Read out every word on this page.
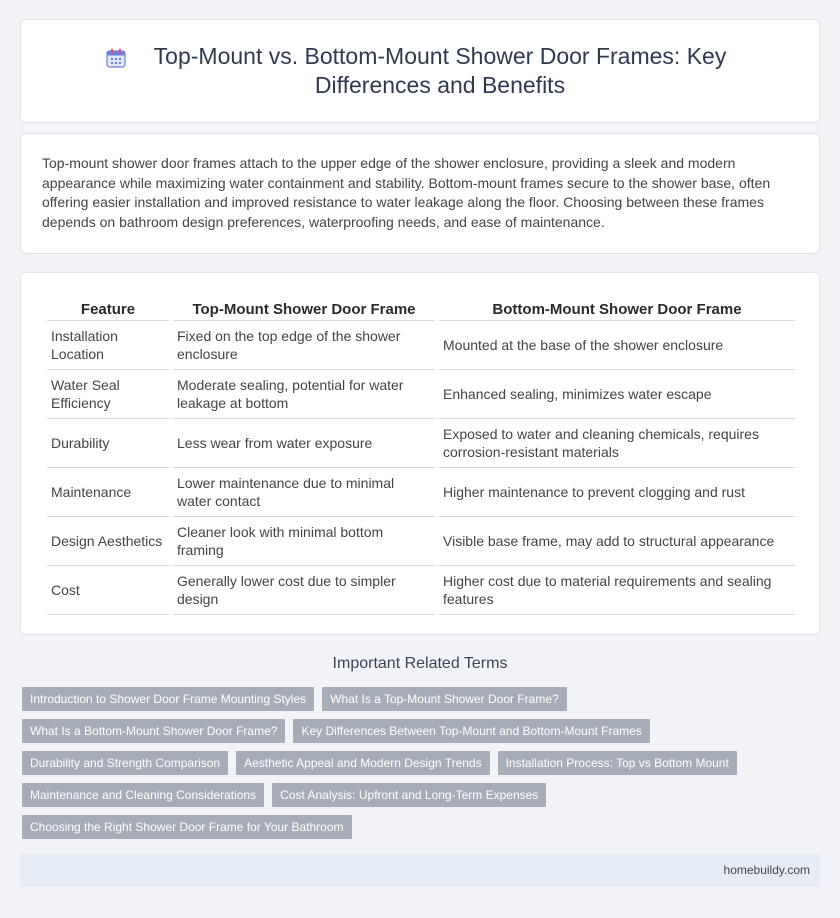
Top-Mount vs. Bottom-Mount Shower Door Frames: Key Differences and Benefits

Top-mount shower door frames attach to the upper edge of the shower enclosure, providing a sleek and modern appearance while maximizing water containment and stability. Bottom-mount frames secure to the shower base, often offering easier installation and improved resistance to water leakage along the floor. Choosing between these frames depends on bathroom design preferences, waterproofing needs, and ease of maintenance.

Feature	Top-Mount Shower Door Frame	Bottom-Mount Shower Door Frame
Installation Location	Fixed on the top edge of the shower enclosure	Mounted at the base of the shower enclosure
Water Seal Efficiency	Moderate sealing, potential for water leakage at bottom	Enhanced sealing, minimizes water escape
Durability	Less wear from water exposure	Exposed to water and cleaning chemicals, requires corrosion-resistant materials
Maintenance	Lower maintenance due to minimal water contact	Higher maintenance to prevent clogging and rust
Design Aesthetics	Cleaner look with minimal bottom framing	Visible base frame, may add to structural appearance
Cost	Generally lower cost due to simpler design	Higher cost due to material requirements and sealing features
Important Related Terms
Introduction to Shower Door Frame Mounting Styles	What Is a Top-Mount Shower Door Frame?
What Is a Bottom-Mount Shower Door Frame?	Key Differences Between Top-Mount and Bottom-Mount Frames
Durability and Strength Comparison	Aesthetic Appeal and Modern Design Trends	Installation Process: Top vs Bottom Mount
Maintenance and Cleaning Considerations	Cost Analysis: Upfront and Long-Term Expenses
Choosing the Right Shower Door Frame for Your Bathroom
homebuildy.com
